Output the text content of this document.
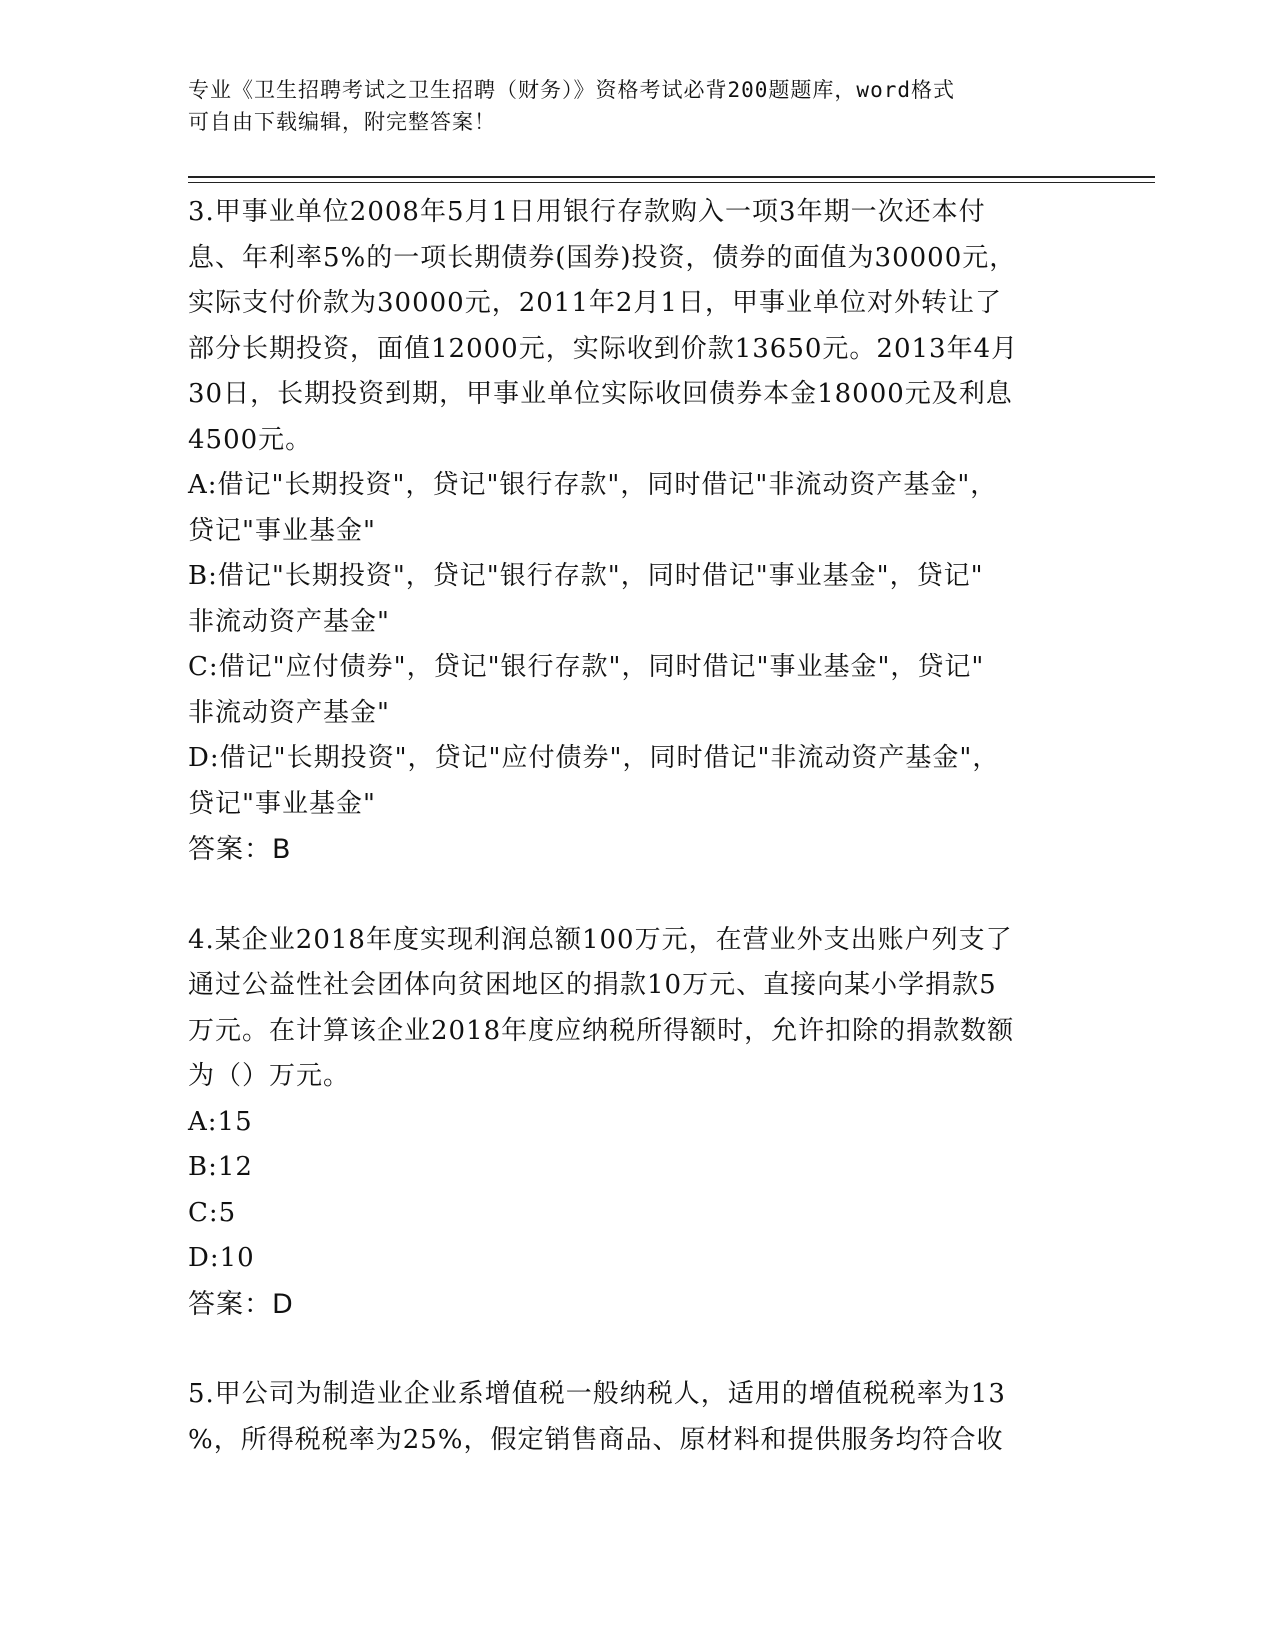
专业《卫生招聘考试之卫生招聘（财务）》资格考试必背200题题库，word格式
可自由下载编辑，附完整答案！
3.甲事业单位2008年5月1日用银行存款购入一项3年期一次还本付
息、年利率5%的一项长期债券(国券)投资，债券的面值为30000元，
实际支付价款为30000元，2011年2月1日，甲事业单位对外转让了
部分长期投资，面值12000元，实际收到价款13650元。2013年4月
30日，长期投资到期，甲事业单位实际收回债券本金18000元及利息
4500元。
A:借记"长期投资"，贷记"银行存款"，同时借记"非流动资产基金"，
贷记"事业基金"
B:借记"长期投资"，贷记"银行存款"，同时借记"事业基金"，贷记"
非流动资产基金"
C:借记"应付债券"，贷记"银行存款"，同时借记"事业基金"，贷记"
非流动资产基金"
D:借记"长期投资"，贷记"应付债券"，同时借记"非流动资产基金"，
贷记"事业基金"
答案：B
4.某企业2018年度实现利润总额100万元，在营业外支出账户列支了
通过公益性社会团体向贫困地区的捐款10万元、直接向某小学捐款5
万元。在计算该企业2018年度应纳税所得额时，允许扣除的捐款数额
为（）万元。
A:15
B:12
C:5
D:10
答案：D
5.甲公司为制造业企业系增值税一般纳税人，适用的增值税税率为13
%，所得税税率为25%，假定销售商品、原材料和提供服务均符合收
